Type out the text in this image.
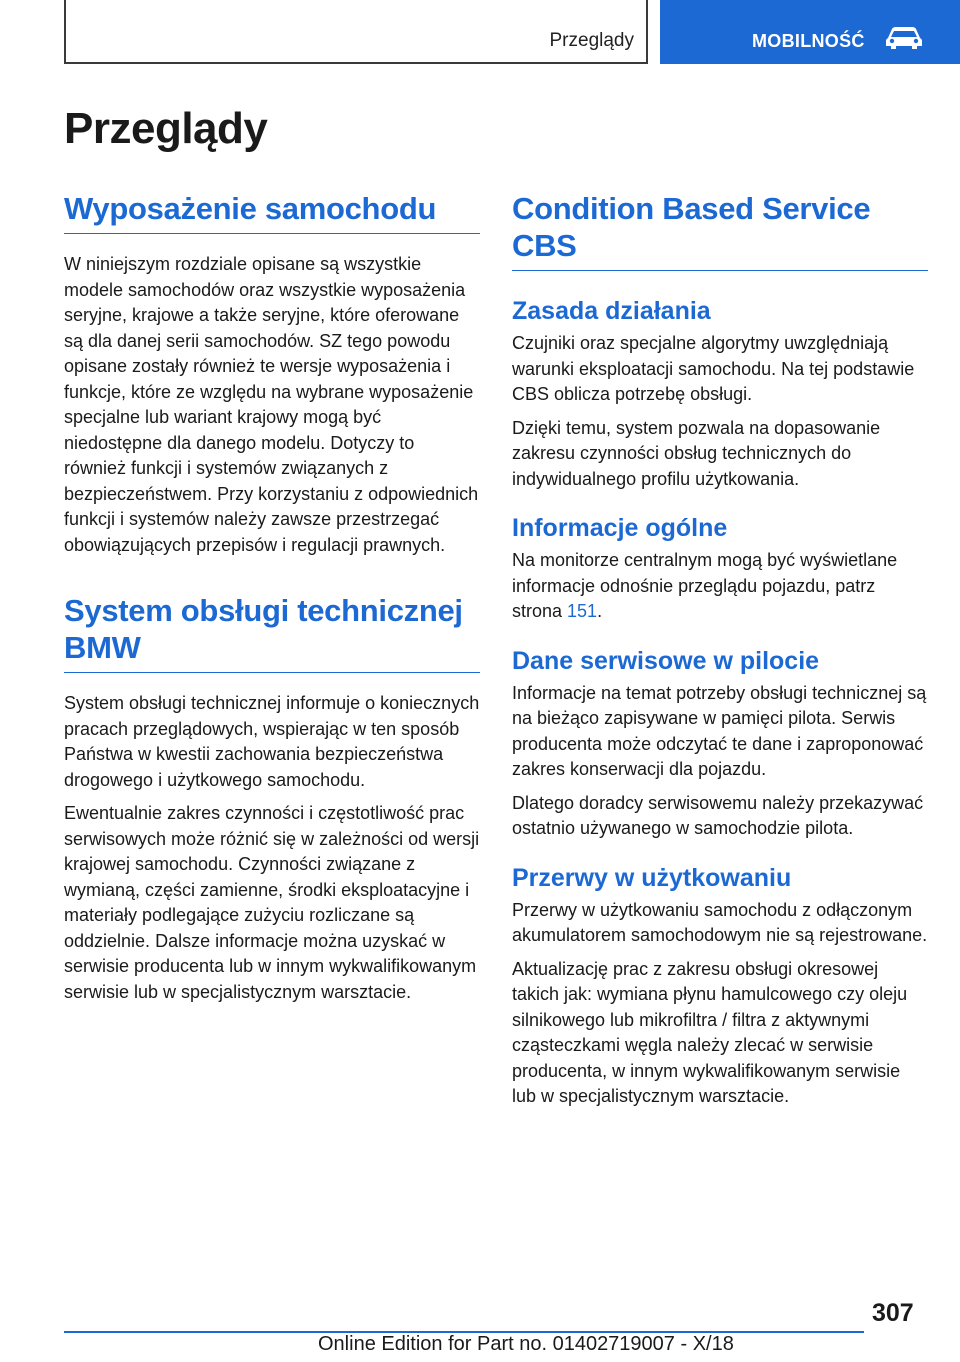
Przeglądy	MOBILNOŚĆ
Przeglądy
Wyposażenie samochodu

W niniejszym rozdziale opisane są wszystkie modele samochodów oraz wszystkie wyposażenia seryjne, krajowe a także seryjne, które oferowane są dla danej serii samochodów. SZ tego powodu opisane zostały również te wersje wyposażenia i funkcje, które ze względu na wybrane wyposażenie specjalne lub wariant krajowy mogą być niedostępne dla danego modelu. Dotyczy to również funkcji i systemów związanych z bezpieczeństwem. Przy korzystaniu z odpowiednich funkcji i systemów należy zawsze przestrzegać obowiązujących przepisów i regulacji prawnych.

System obsługi technicznej BMW

System obsługi technicznej informuje o koniecznych pracach przeglądowych, wspierając w ten sposób Państwa w kwestii zachowania bezpieczeństwa drogowego i użytkowego samochodu.

Ewentualnie zakres czynności i częstotliwość prac serwisowych może różnić się w zależności od wersji krajowej samochodu. Czynności związane z wymianą, części zamienne, środki eksploatacyjne i materiały podlegające zużyciu rozliczane są oddzielnie. Dalsze informacje można uzyskać w serwisie producenta lub w innym wykwalifikowanym serwisie lub w specjalistycznym warsztacie.

Condition Based Service CBS
Zasada działania

Czujniki oraz specjalne algorytmy uwzględniają warunki eksploatacji samochodu. Na tej podstawie CBS oblicza potrzebę obsługi.

Dzięki temu, system pozwala na dopasowanie zakresu czynności obsług technicznych do indywidualnego profilu użytkowania.

Informacje ogólne

Na monitorze centralnym mogą być wyświetlane informacje odnośnie przeglądu pojazdu, patrz strona 151.

Dane serwisowe w pilocie

Informacje na temat potrzeby obsługi technicznej są na bieżąco zapisywane w pamięci pilota. Serwis producenta może odczytać te dane i zaproponować zakres konserwacji dla pojazdu.

Dlatego doradcy serwisowemu należy przekazywać ostatnio używanego w samochodzie pilota.

Przerwy w użytkowaniu

Przerwy w użytkowaniu samochodu z odłączonym akumulatorem samochodowym nie są rejestrowane.

Aktualizację prac z zakresu obsługi okresowej takich jak: wymiana płynu hamulcowego czy oleju silnikowego lub mikrofiltra / filtra z aktywnymi cząsteczkami węgla należy zlecać w serwisie producenta, w innym wykwalifikowanym serwisie lub w specjalistycznym warsztacie.

307
Online Edition for Part no. 01402719007 - X/18
